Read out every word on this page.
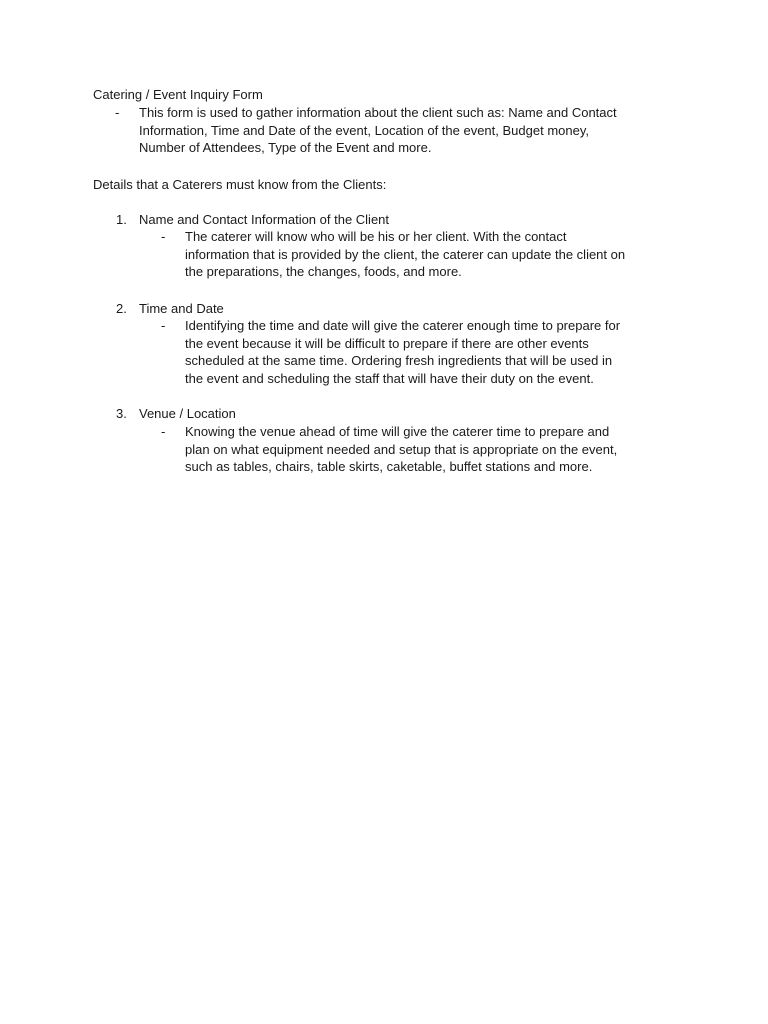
Catering / Event Inquiry Form
- This form is used to gather information about the client such as: Name and Contact
Information, Time and Date of the event, Location of the event, Budget money,
Number of Attendees, Type of the Event and more.
Details that a Caterers must know from the Clients:
1. Name and Contact Information of the Client
- The caterer will know who will be his or her client. With the contact
information that is provided by the client, the caterer can update the client on
the preparations, the changes, foods, and more.
2. Time and Date
- Identifying the time and date will give the caterer enough time to prepare for
the event because it will be difficult to prepare if there are other events
scheduled at the same time. Ordering fresh ingredients that will be used in
the event and scheduling the staff that will have their duty on the event.
3. Venue / Location
- Knowing the venue ahead of time will give the caterer time to prepare and
plan on what equipment needed and setup that is appropriate on the event,
such as tables, chairs, table skirts, caketable, buffet stations and more.
